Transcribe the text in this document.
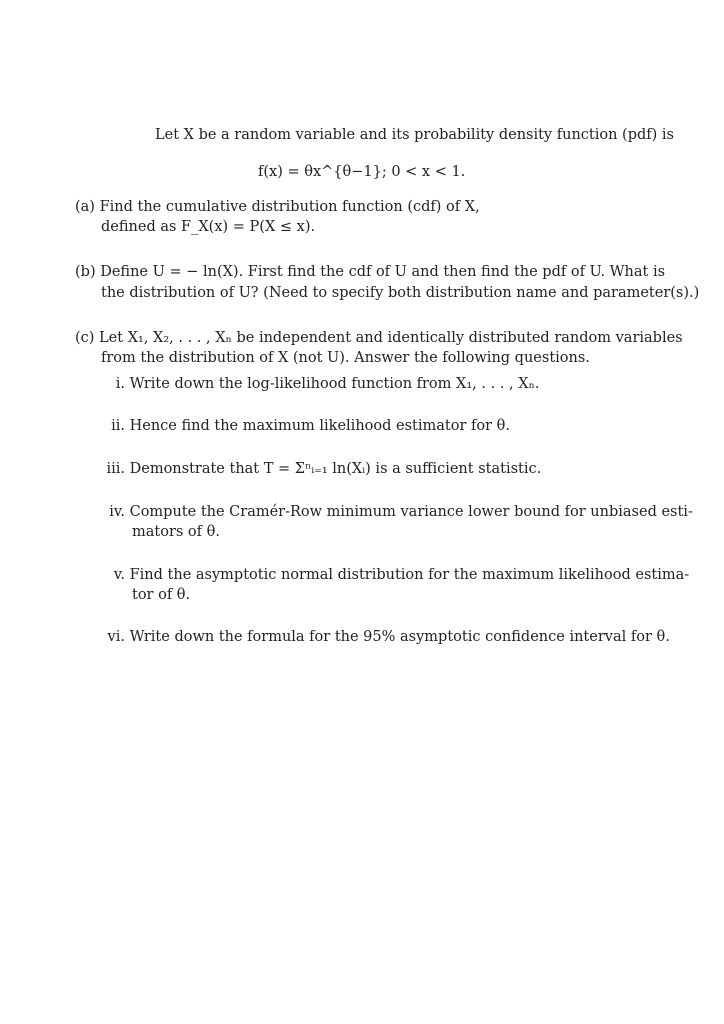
Let X be a random variable and its probability density function (pdf) is
f(x) = θx^{θ−1}; 0 < x < 1.
(a) Find the cumulative distribution function (cdf) of X,
defined as F_X(x) = P(X ≤ x).
(b) Define U = − ln(X). First find the cdf of U and then find the pdf of U. What is
the distribution of U? (Need to specify both distribution name and parameter(s).)
(c) Let X₁, X₂, . . . , Xₙ be independent and identically distributed random variables
from the distribution of X (not U). Answer the following questions.
i. Write down the log-likelihood function from X₁, . . . , Xₙ.
ii. Hence find the maximum likelihood estimator for θ.
iii. Demonstrate that T = Σⁿᵢ₌₁ ln(Xᵢ) is a sufficient statistic.
iv. Compute the Cramér-Row minimum variance lower bound for unbiased esti-
mators of θ.
v. Find the asymptotic normal distribution for the maximum likelihood estima-
tor of θ.
vi. Write down the formula for the 95% asymptotic confidence interval for θ.
